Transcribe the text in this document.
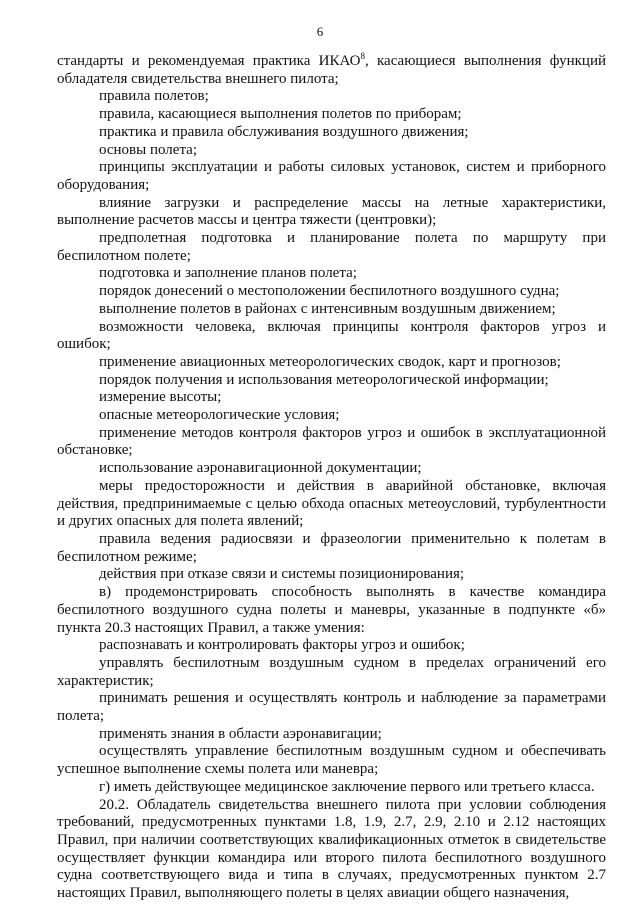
6

стандарты и рекомендуемая практика ИКАО$^8$, касающиеся выполнения функций обладателя свидетельства внешнего пилота;

правила полетов;

правила, касающиеся выполнения полетов по приборам;

практика и правила обслуживания воздушного движения;

основы полета;

принципы эксплуатации и работы силовых установок, систем и приборного оборудования;

влияние загрузки и распределение массы на летные характеристики, выполнение расчетов массы и центра тяжести (центровки);

предполетная подготовка и планирование полета по маршруту при беспилотном полете;

подготовка и заполнение планов полета;

порядок донесений о местоположении беспилотного воздушного судна;

выполнение полетов в районах с интенсивным воздушным движением;

возможности человека, включая принципы контроля факторов угроз и ошибок;

применение авиационных метеорологических сводок, карт и прогнозов;

порядок получения и использования метеорологической информации;

измерение высоты;

опасные метеорологические условия;

применение методов контроля факторов угроз и ошибок в эксплуатационной обстановке;

использование аэронавигационной документации;

меры предосторожности и действия в аварийной обстановке, включая действия, предпринимаемые с целью обхода опасных метеоусловий, турбулентности и других опасных для полета явлений;

правила ведения радиосвязи и фразеологии применительно к полетам в беспилотном режиме;

действия при отказе связи и системы позиционирования;

в) продемонстрировать способность выполнять в качестве командира беспилотного воздушного судна полеты и маневры, указанные в подпункте «б» пункта 20.3 настоящих Правил, а также умения:

распознавать и контролировать факторы угроз и ошибок;

управлять беспилотным воздушным судном в пределах ограничений его характеристик;

принимать решения и осуществлять контроль и наблюдение за параметрами полета;

применять знания в области аэронавигации;

осуществлять управление беспилотным воздушным судном и обеспечивать успешное выполнение схемы полета или маневра;

г) иметь действующее медицинское заключение первого или третьего класса.

20.2. Обладатель свидетельства внешнего пилота при условии соблюдения требований, предусмотренных пунктами 1.8, 1.9, 2.7, 2.9, 2.10 и 2.12 настоящих Правил, при наличии соответствующих квалификационных отметок в свидетельстве осуществляет функции командира или второго пилота беспилотного воздушного судна соответствующего вида и типа в случаях, предусмотренных пунктом 2.7 настоящих Правил, выполняющего полеты в целях авиации общего назначения,
